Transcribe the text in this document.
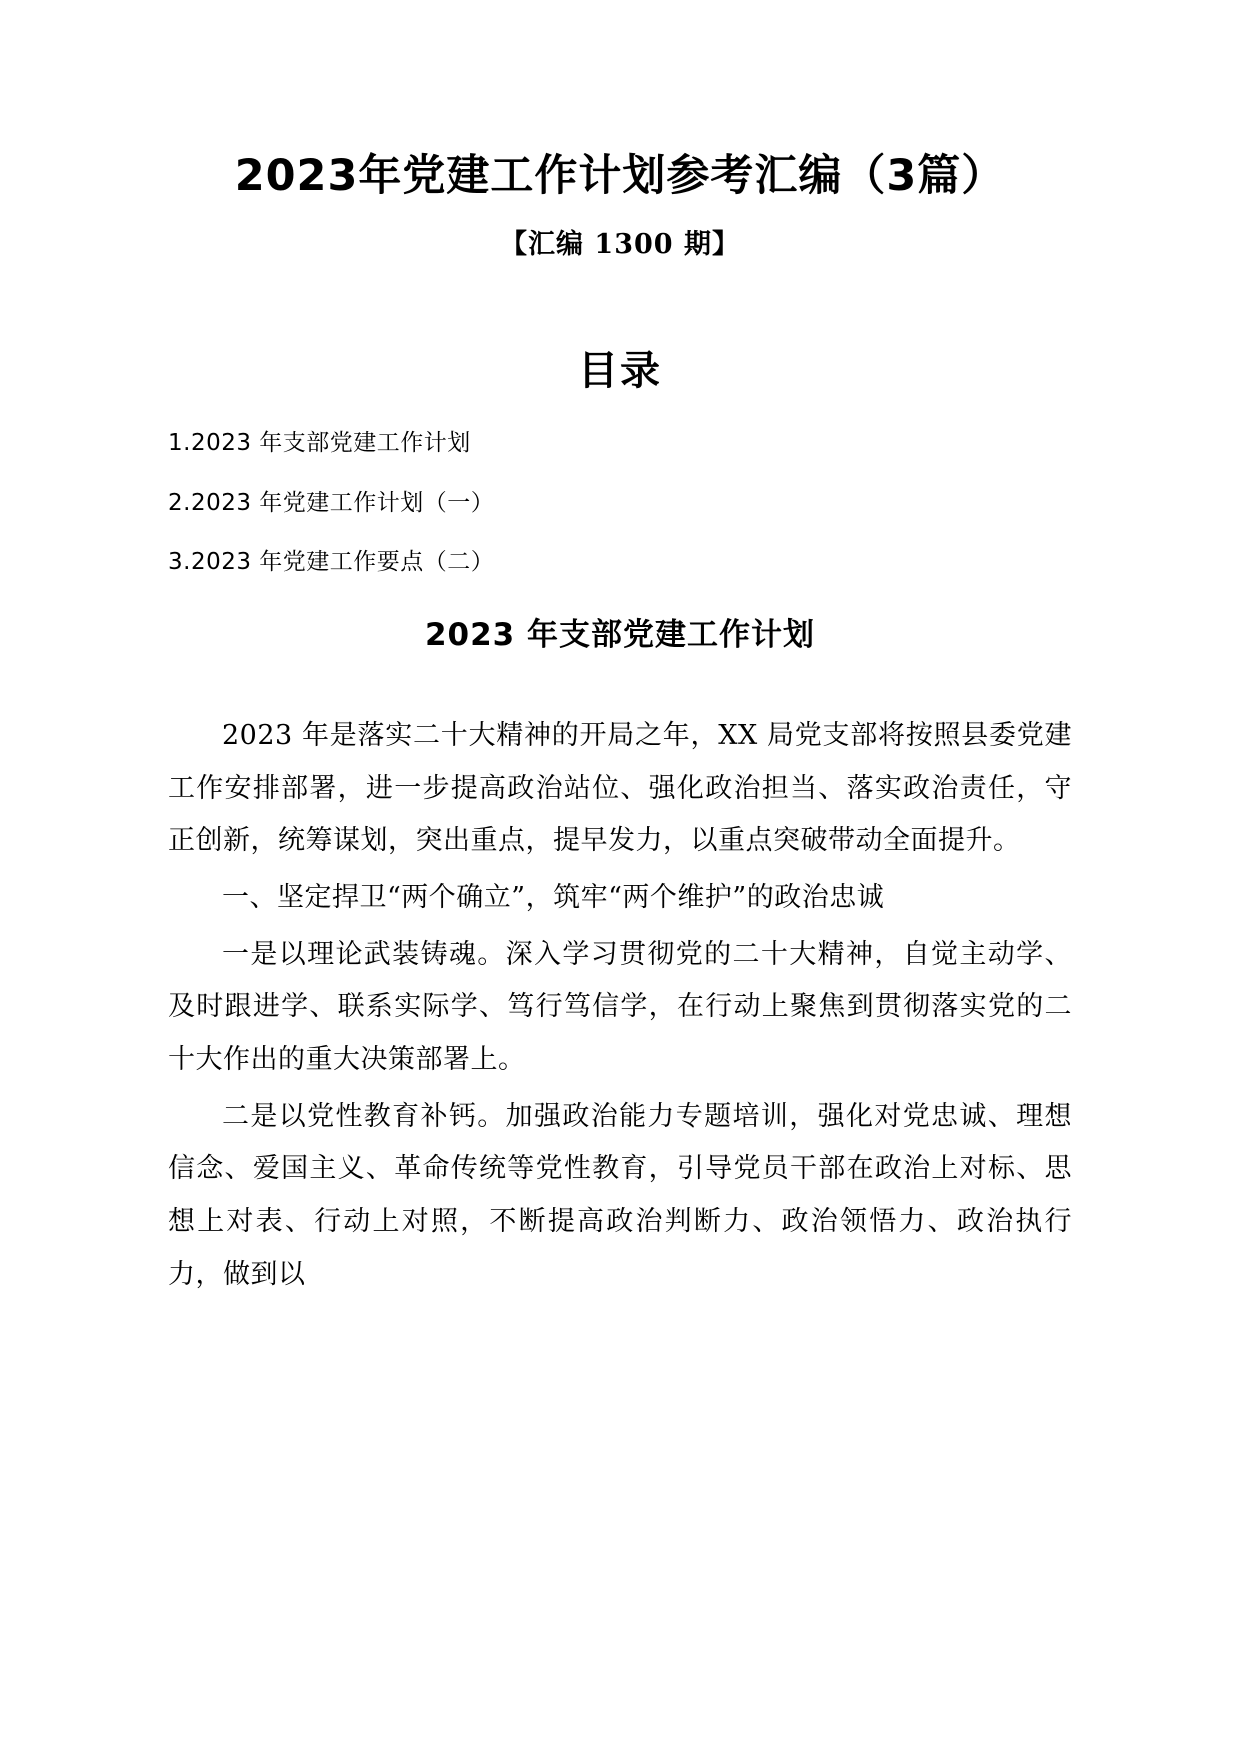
2023年党建工作计划参考汇编（3篇）
【汇编 1300 期】
目录
1.2023 年支部党建工作计划
2.2023 年党建工作计划（一）
3.2023 年党建工作要点（二）
2023 年支部党建工作计划

2023 年是落实二十大精神的开局之年，XX 局党支部将按照县委党建工作安排部署，进一步提高政治站位、强化政治担当、落实政治责任，守正创新，统筹谋划，突出重点，提早发力，以重点突破带动全面提升。

一、坚定捍卫“两个确立”，筑牢“两个维护”的政治忠诚

一是以理论武装铸魂。深入学习贯彻党的二十大精神，自觉主动学、及时跟进学、联系实际学、笃行笃信学，在行动上聚焦到贯彻落实党的二十大作出的重大决策部署上。

二是以党性教育补钙。加强政治能力专题培训，强化对党忠诚、理想信念、爱国主义、革命传统等党性教育，引导党员干部在政治上对标、思想上对表、行动上对照，不断提高政治判断力、政治领悟力、政治执行力，做到以
